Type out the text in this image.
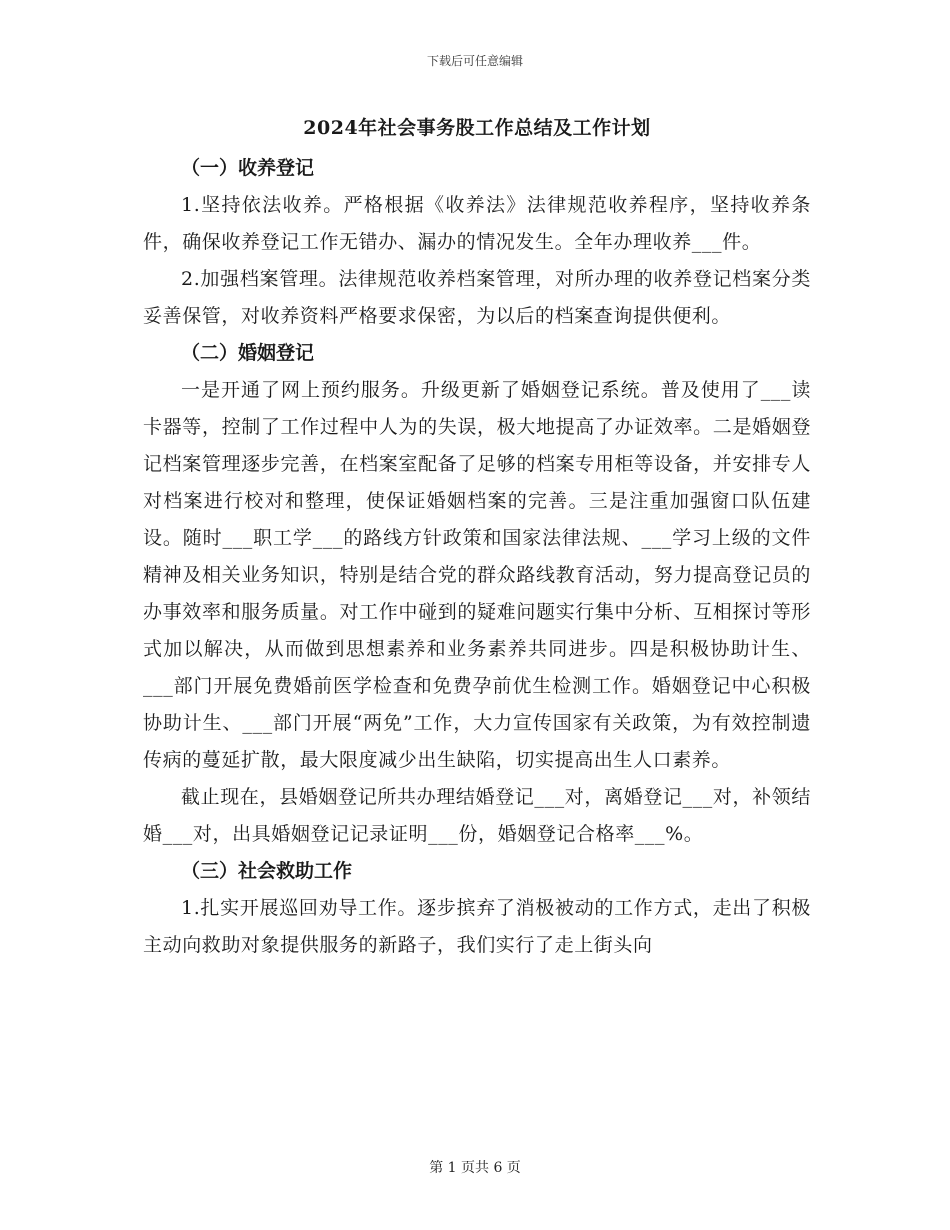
下载后可任意编辑
2024年社会事务股工作总结及工作计划
（一）收养登记

1.坚持依法收养。严格根据《收养法》法律规范收养程序，坚持收养条件，确保收养登记工作无错办、漏办的情况发生。全年办理收养___件。

2.加强档案管理。法律规范收养档案管理，对所办理的收养登记档案分类妥善保管，对收养资料严格要求保密，为以后的档案查询提供便利。

（二）婚姻登记

一是开通了网上预约服务。升级更新了婚姻登记系统。普及使用了___读卡器等，控制了工作过程中人为的失误，极大地提高了办证效率。二是婚姻登记档案管理逐步完善，在档案室配备了足够的档案专用柜等设备，并安排专人对档案进行校对和整理，使保证婚姻档案的完善。三是注重加强窗口队伍建设。随时___职工学___的路线方针政策和国家法律法规、___学习上级的文件精神及相关业务知识，特别是结合党的群众路线教育活动，努力提高登记员的办事效率和服务质量。对工作中碰到的疑难问题实行集中分析、互相探讨等形式加以解决，从而做到思想素养和业务素养共同进步。四是积极协助计生、___部门开展免费婚前医学检查和免费孕前优生检测工作。婚姻登记中心积极协助计生、___部门开展“两免”工作，大力宣传国家有关政策，为有效控制遗传病的蔓延扩散，最大限度减少出生缺陷，切实提高出生人口素养。

截止现在，县婚姻登记所共办理结婚登记___对，离婚登记___对，补领结婚___对，出具婚姻登记记录证明___份，婚姻登记合格率___%。

（三）社会救助工作

1.扎实开展巡回劝导工作。逐步摈弃了消极被动的工作方式，走出了积极主动向救助对象提供服务的新路子，我们实行了走上街头向

第 1 页共 6 页
